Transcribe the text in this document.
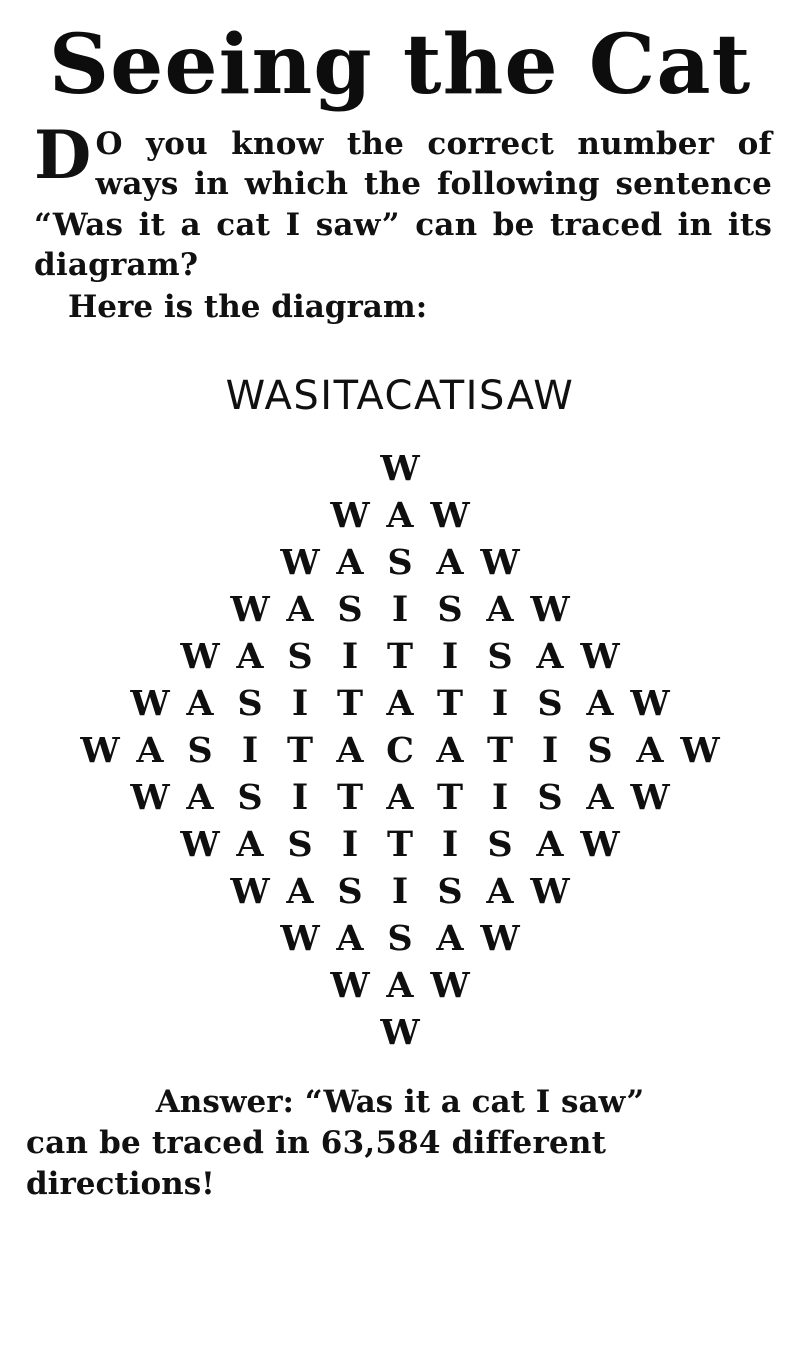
Seeing the Cat

D O you know the correct number of ways in which the following sentence “Was it a cat I saw” can be traced in its diagram?

Here is the diagram:

WASITACATISAW
W
W A W
W A S A W
W A S I S A W
W A S I T I S A W
W A S I T A T I S A W
W A S I T A C A T I S A W
W A S I T A T I S A W
W A S I T I S A W
W A S I S A W
W A S A W
W A W
W
Answer: “Was it a cat I saw”
can be traced in 63,584 different
directions!
